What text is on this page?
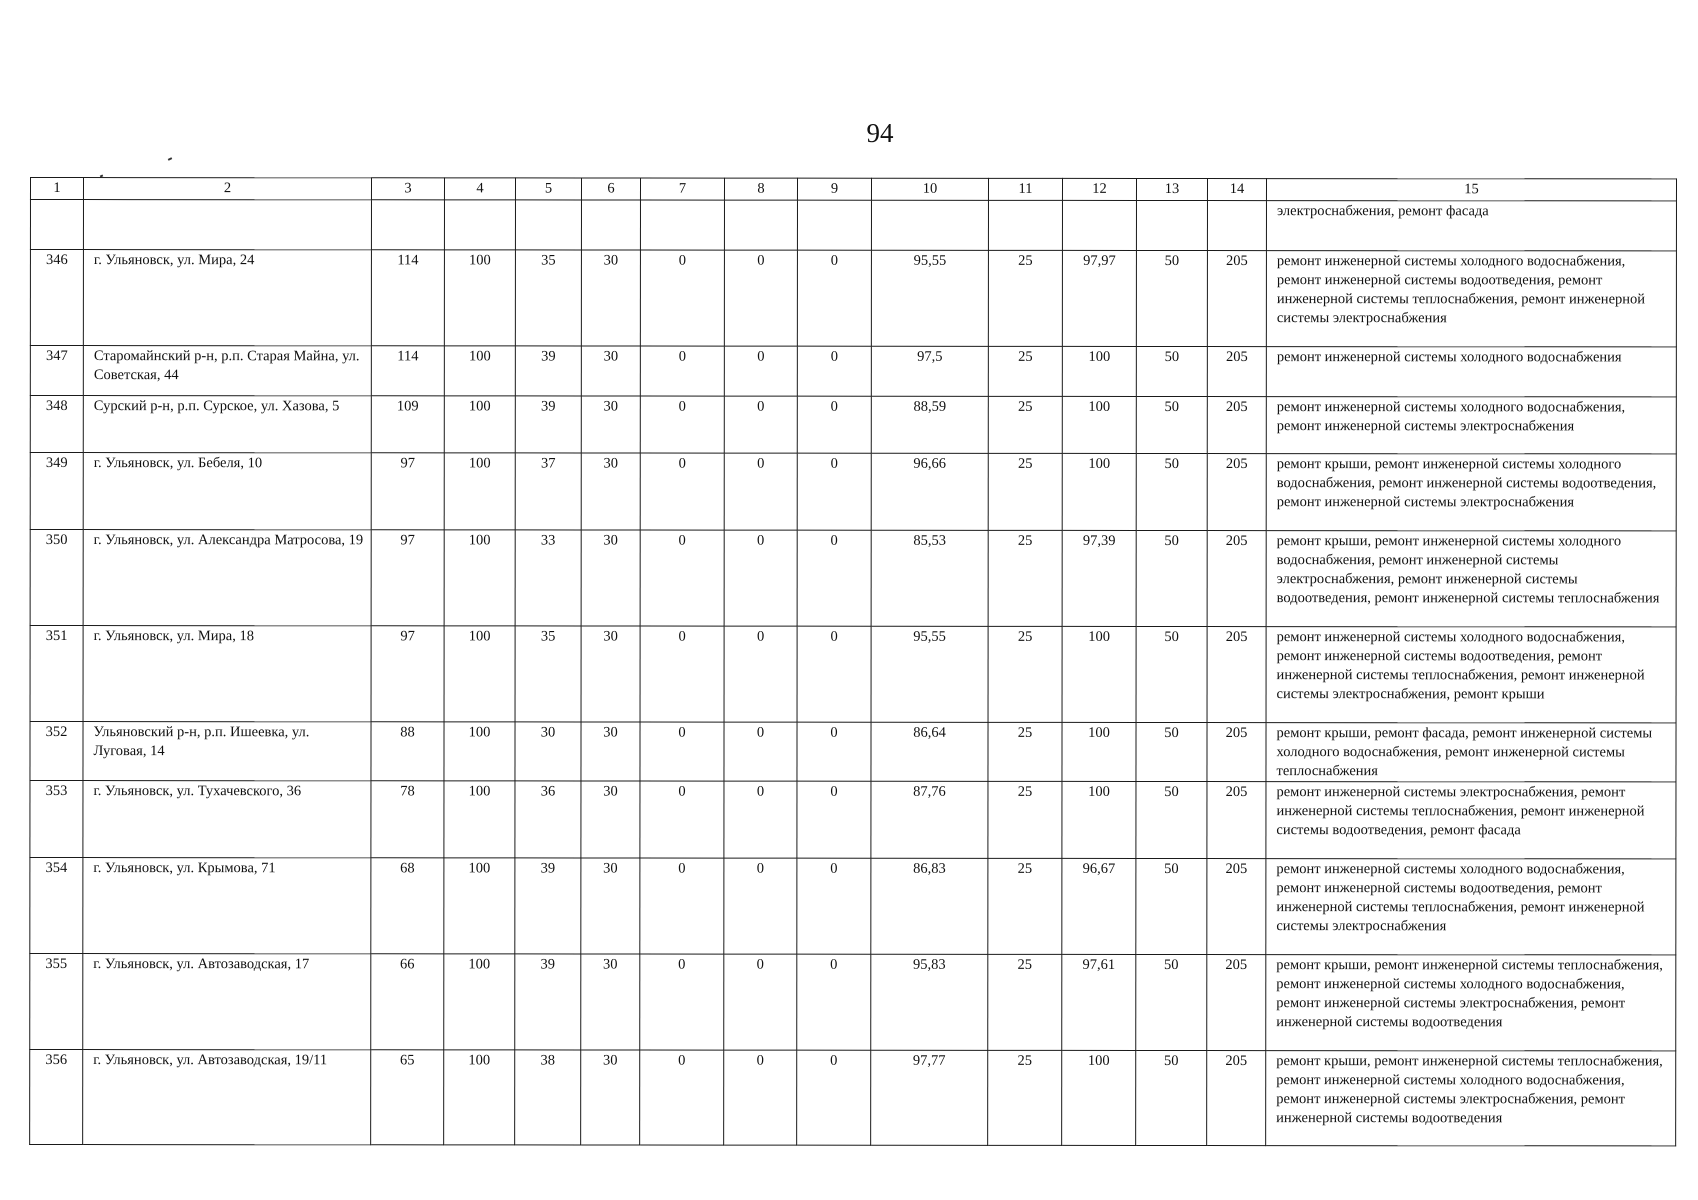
94
1	2	3	4	5	6	7	8	9	10	11	12	13	14	15
														электроснабжения, ремонт фасада
346	г. Ульяновск, ул. Мира, 24	114	100	35	30	0	0	0	95,55	25	97,97	50	205	ремонт инженерной системы холодного водоснабжения, ремонт инженерной системы водоотведения, ремонт инженерной системы теплоснабжения, ремонт инженерной системы электроснабжения
347	Старомайнский р-н, р.п. Старая Майна, ул. Советская, 44	114	100	39	30	0	0	0	97,5	25	100	50	205	ремонт инженерной системы холодного водоснабжения
348	Сурский р-н, р.п. Сурское, ул. Хазова, 5	109	100	39	30	0	0	0	88,59	25	100	50	205	ремонт инженерной системы холодного водоснабжения, ремонт инженерной системы электроснабжения
349	г. Ульяновск, ул. Бебеля, 10	97	100	37	30	0	0	0	96,66	25	100	50	205	ремонт крыши, ремонт инженерной системы холодного водоснабжения, ремонт инженерной системы водоотведения, ремонт инженерной системы электроснабжения
350	г. Ульяновск, ул. Александра Матросова, 19	97	100	33	30	0	0	0	85,53	25	97,39	50	205	ремонт крыши, ремонт инженерной системы холодного водоснабжения, ремонт инженерной системы электроснабжения, ремонт инженерной системы водоотведения, ремонт инженерной системы теплоснабжения
351	г. Ульяновск, ул. Мира, 18	97	100	35	30	0	0	0	95,55	25	100	50	205	ремонт инженерной системы холодного водоснабжения, ремонт инженерной системы водоотведения, ремонт инженерной системы теплоснабжения, ремонт инженерной системы электроснабжения, ремонт крыши
352	Ульяновский р-н, р.п. Ишеевка, ул. Луговая, 14	88	100	30	30	0	0	0	86,64	25	100	50	205	ремонт крыши, ремонт фасада, ремонт инженерной системы холодного водоснабжения, ремонт инженерной системы теплоснабжения
353	г. Ульяновск, ул. Тухачевского, 36	78	100	36	30	0	0	0	87,76	25	100	50	205	ремонт инженерной системы электроснабжения, ремонт инженерной системы теплоснабжения, ремонт инженерной системы водоотведения, ремонт фасада
354	г. Ульяновск, ул. Крымова, 71	68	100	39	30	0	0	0	86,83	25	96,67	50	205	ремонт инженерной системы холодного водоснабжения, ремонт инженерной системы водоотведения, ремонт инженерной системы теплоснабжения, ремонт инженерной системы электроснабжения
355	г. Ульяновск, ул. Автозаводская, 17	66	100	39	30	0	0	0	95,83	25	97,61	50	205	ремонт крыши, ремонт инженерной системы теплоснабжения, ремонт инженерной системы холодного водоснабжения, ремонт инженерной системы электроснабжения, ремонт инженерной системы водоотведения
356	г. Ульяновск, ул. Автозаводская, 19/11	65	100	38	30	0	0	0	97,77	25	100	50	205	ремонт крыши, ремонт инженерной системы теплоснабжения, ремонт инженерной системы холодного водоснабжения, ремонт инженерной системы электроснабжения, ремонт инженерной системы водоотведения
